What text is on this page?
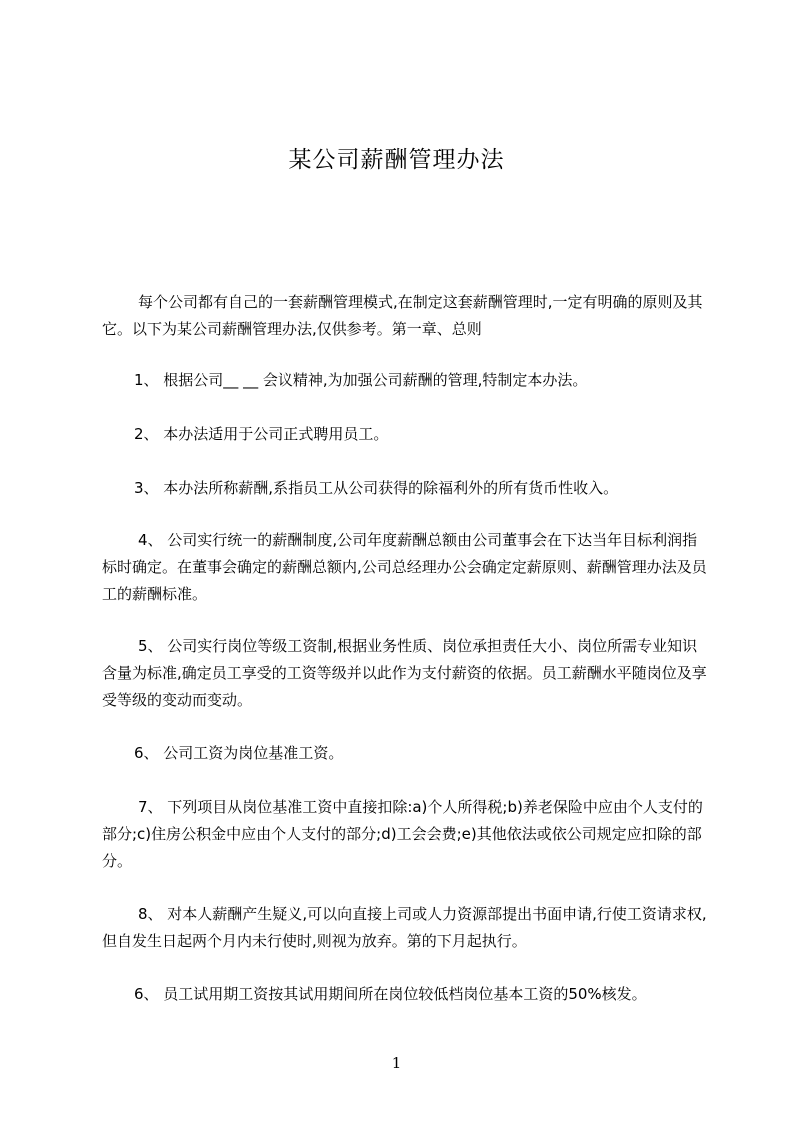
某公司薪酬管理办法
每个公司都有自己的一套薪酬管理模式,在制定这套薪酬管理时,一定有明确的原则及其它。以下为某公司薪酬管理办法,仅供参考。第一章、总则
1、 根据公司__ __ 会议精神,为加强公司薪酬的管理,特制定本办法。
2、 本办法适用于公司正式聘用员工。
3、 本办法所称薪酬,系指员工从公司获得的除福利外的所有货币性收入。
4、 公司实行统一的薪酬制度,公司年度薪酬总额由公司董事会在下达当年目标利润指标时确定。在董事会确定的薪酬总额内,公司总经理办公会确定定薪原则、薪酬管理办法及员工的薪酬标准。
5、 公司实行岗位等级工资制,根据业务性质、岗位承担责任大小、岗位所需专业知识含量为标准,确定员工享受的工资等级并以此作为支付薪资的依据。员工薪酬水平随岗位及享受等级的变动而变动。
6、 公司工资为岗位基准工资。
7、 下列项目从岗位基准工资中直接扣除:a)个人所得税;b)养老保险中应由个人支付的部分;c)住房公积金中应由个人支付的部分;d)工会会费;e)其他依法或依公司规定应扣除的部分。
8、 对本人薪酬产生疑义,可以向直接上司或人力资源部提出书面申请,行使工资请求权,但自发生日起两个月内未行使时,则视为放弃。第的下月起执行。
6、 员工试用期工资按其试用期间所在岗位较低档岗位基本工资的50%核发。
1
